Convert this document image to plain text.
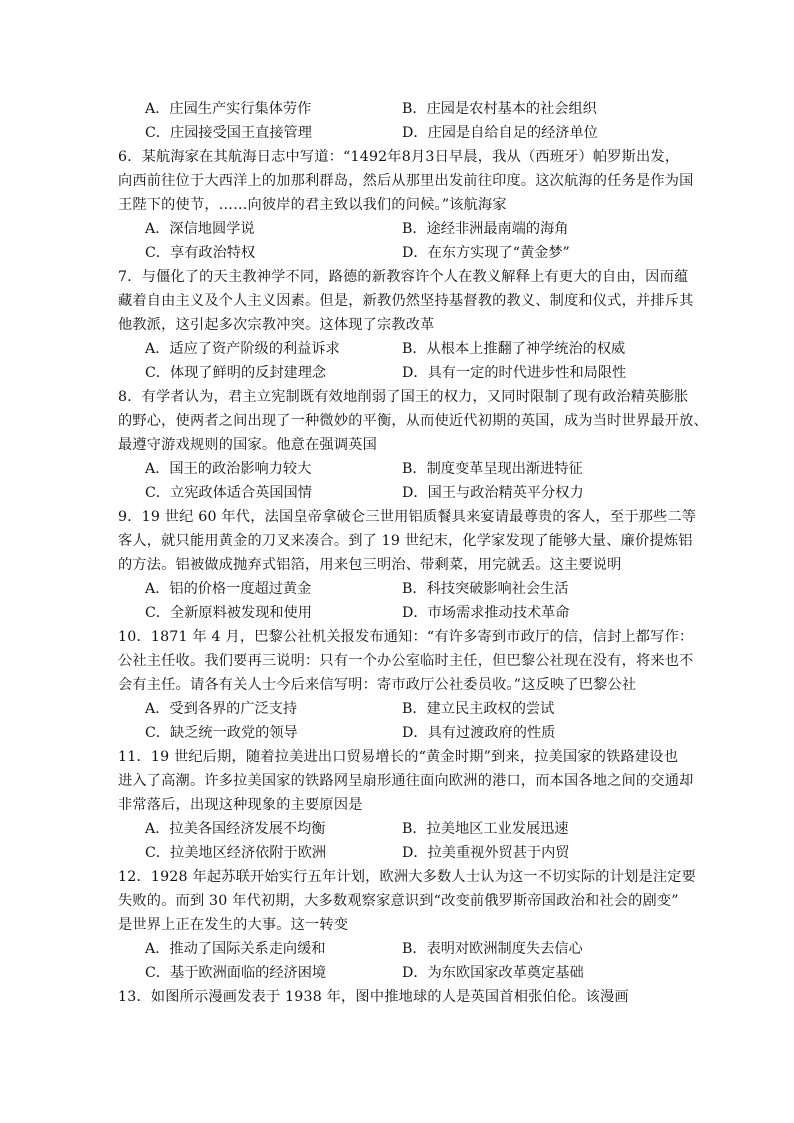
A．庄园生产实行集体劳作	B．庄园是农村基本的社会组织
C．庄园接受国王直接管理	D．庄园是自给自足的经济单位
6．某航海家在其航海日志中写道：“1492年8月3日早晨，我从（西班牙）帕罗斯出发，
向西前往位于大西洋上的加那利群岛，然后从那里出发前往印度。这次航海的任务是作为国
王陛下的使节，……向彼岸的君主致以我们的问候。”该航海家
A．深信地圆学说	B．途经非洲最南端的海角
C．享有政治特权	D．在东方实现了“黄金梦”
7．与僵化了的天主教神学不同，路德的新教容许个人在教义解释上有更大的自由，因而蕴
藏着自由主义及个人主义因素。但是，新教仍然坚持基督教的教义、制度和仪式，并排斥其
他教派，这引起多次宗教冲突。这体现了宗教改革
A．适应了资产阶级的利益诉求	B．从根本上推翻了神学统治的权威
C．体现了鲜明的反封建理念	D．具有一定的时代进步性和局限性
8．有学者认为，君主立宪制既有效地削弱了国王的权力，又同时限制了现有政治精英膨胀
的野心，使两者之间出现了一种微妙的平衡，从而使近代初期的英国，成为当时世界最开放、
最遵守游戏规则的国家。他意在强调英国
A．国王的政治影响力较大	B．制度变革呈现出渐进特征
C．立宪政体适合英国国情	D．国王与政治精英平分权力
9．19 世纪 60 年代，法国皇帝拿破仑三世用铝质餐具来宴请最尊贵的客人，至于那些二等
客人，就只能用黄金的刀叉来凑合。到了 19 世纪末，化学家发现了能够大量、廉价提炼铝
的方法。铝被做成抛弃式铝箔，用来包三明治、带剩菜，用完就丢。这主要说明
A．铝的价格一度超过黄金	B．科技突破影响社会生活
C．全新原料被发现和使用	D．市场需求推动技术革命
10．1871 年 4 月，巴黎公社机关报发布通知：“有许多寄到市政厅的信，信封上都写作：
公社主任收。我们要再三说明：只有一个办公室临时主任，但巴黎公社现在没有，将来也不
会有主任。请各有关人士今后来信写明：寄市政厅公社委员收。”这反映了巴黎公社
A．受到各界的广泛支持	B．建立民主政权的尝试
C．缺乏统一政党的领导	D．具有过渡政府的性质
11．19 世纪后期，随着拉美进出口贸易增长的“黄金时期”到来，拉美国家的铁路建设也
进入了高潮。许多拉美国家的铁路网呈扇形通往面向欧洲的港口，而本国各地之间的交通却
非常落后，出现这种现象的主要原因是
A．拉美各国经济发展不均衡	B．拉美地区工业发展迅速
C．拉美地区经济依附于欧洲	D．拉美重视外贸甚于内贸
12．1928 年起苏联开始实行五年计划，欧洲大多数人士认为这一不切实际的计划是注定要
失败的。而到 30 年代初期，大多数观察家意识到“改变前俄罗斯帝国政治和社会的剧变”
是世界上正在发生的大事。这一转变
A．推动了国际关系走向缓和	B．表明对欧洲制度失去信心
C．基于欧洲面临的经济困境	D．为东欧国家改革奠定基础
13．如图所示漫画发表于 1938 年，图中推地球的人是英国首相张伯伦。该漫画
